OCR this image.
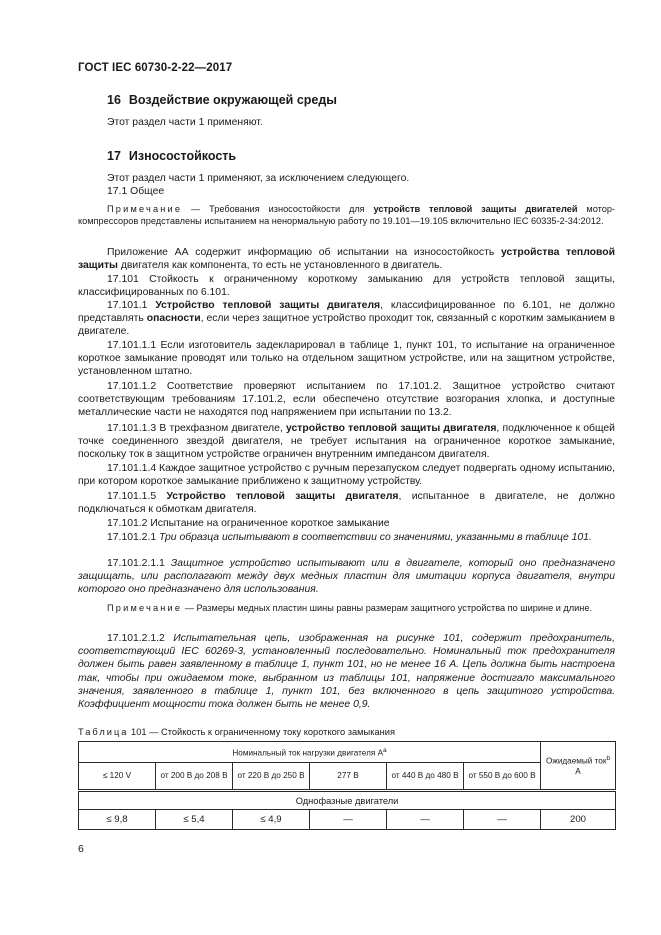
ГОСТ IEC 60730-2-22—2017
16 Воздействие окружающей среды
Этот раздел части 1 применяют.
17 Износостойкость
Этот раздел части 1 применяют, за исключением следующего.
17.1 Общее
Примечание — Требования износостойкости для устройств тепловой защиты двигателей мотор-компрессоров представлены испытанием на ненормальную работу по 19.101—19.105 включительно IEC 60335-2-34:2012.
Приложение АА содержит информацию об испытании на износостойкость устройства тепловой защиты двигателя как компонента, то есть не установленного в двигатель.
17.101 Стойкость к ограниченному короткому замыканию для устройств тепловой защиты, классифицированных по 6.101.
17.101.1 Устройство тепловой защиты двигателя, классифицированное по 6.101, не должно представлять опасности, если через защитное устройство проходит ток, связанный с коротким замыканием в двигателе.
17.101.1.1 Если изготовитель задекларировал в таблице 1, пункт 101, то испытание на ограниченное короткое замыкание проводят или только на отдельном защитном устройстве, или на защитном устройстве, установленном штатно.
17.101.1.2 Соответствие проверяют испытанием по 17.101.2. Защитное устройство считают соответствующим требованиям 17.101.2, если обеспечено отсутствие возгорания хлопка, и доступные металлические части не находятся под напряжением при испытании по 13.2.
17.101.1.3 В трехфазном двигателе, устройство тепловой защиты двигателя, подключенное к общей точке соединенного звездой двигателя, не требует испытания на ограниченное короткое замыкание, поскольку ток в защитном устройстве ограничен внутренним импедансом двигателя.
17.101.1.4 Каждое защитное устройство с ручным перезапуском следует подвергать одному испытанию, при котором короткое замыкание приближено к защитному устройству.
17.101.1.5 Устройство тепловой защиты двигателя, испытанное в двигателе, не должно подключаться к обмоткам двигателя.
17.101.2 Испытание на ограниченное короткое замыкание
17.101.2.1 Три образца испытывают в соответствии со значениями, указанными в таблице 101.
17.101.2.1.1 Защитное устройство испытывают или в двигателе, который оно предназначено защищать, или располагают между двух медных пластин для имитации корпуса двигателя, внутри которого оно предназначено для использования.
Примечание — Размеры медных пластин шины равны размерам защитного устройства по ширине и длине.
17.101.2.1.2 Испытательная цепь, изображенная на рисунке 101, содержит предохранитель, соответствующий IEC 60269-3, установленный последовательно. Номинальный ток предохранителя должен быть равен заявленному в таблице 1, пункт 101, но не менее 16 А. Цепь должна быть настроена так, чтобы при ожидаемом токе, выбранном из таблицы 101, напряжение достигало максимального значения, заявленного в таблице 1, пункт 101, без включенного в цепь защитного устройства. Коэффициент мощности тока должен быть не менее 0,9.
Таблица 101 — Стойкость к ограниченному току короткого замыкания
Номинальный ток нагрузки двигателя $А^a$						Ожидаемый ток$^b$
А
≤ 120 V	от 200 В до 208 В	от 220 В до 250 В	277 В	от 440 В до 480 В	от 550 В до 600 В	
Однофазные двигатели						
≤ 9,8	≤ 5,4	≤ 4,9	—	—	—	200
6
